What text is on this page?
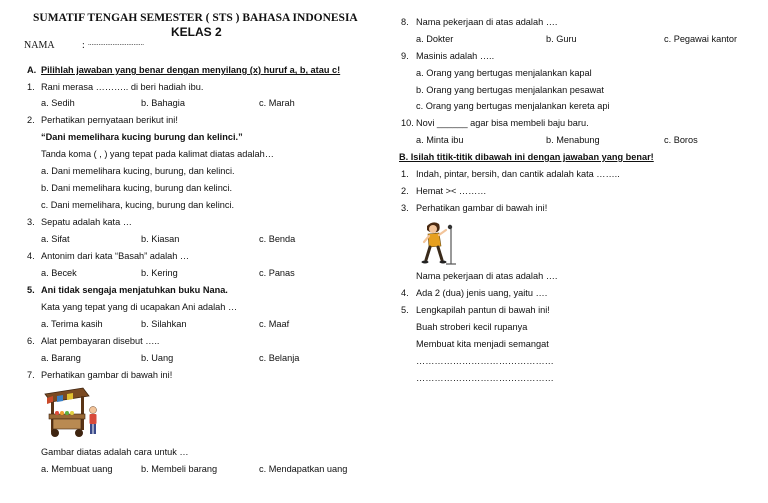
SUMATIF TENGAH SEMESTER ( STS ) BAHASA INDONESIA
KELAS 2
NAMA	: ................................
A. Pilihlah jawaban yang benar dengan menyilang (x) huruf a, b, atau c!
1. Rani merasa ……….. di beri hadiah ibu.
a. Sedih	b. Bahagia	c. Marah
2. Perhatikan pernyataan berikut ini!
“Dani memelihara kucing burung dan kelinci.”
Tanda koma ( , ) yang tepat pada kalimat diatas adalah…
a. Dani memelihara kucing, burung, dan kelinci.
b. Dani memelihara kucing, burung dan kelinci.
c. Dani memelihara, kucing, burung dan kelinci.
3. Sepatu adalah kata …
a. Sifat	b. Kiasan	c. Benda
4. Antonim dari kata “Basah” adalah …
a. Becek	b. Kering	c. Panas
5. Ani tidak sengaja menjatuhkan buku Nana.
Kata yang tepat yang di ucapakan Ani adalah …
a. Terima kasih	b. Silahkan	c. Maaf
6. Alat pembayaran disebut …..
a. Barang	b. Uang	c. Belanja
7. Perhatikan gambar di bawah ini!
Gambar diatas adalah cara untuk …
a. Membuat uang	b. Membeli barang	c. Mendapatkan uang
8. Nama pekerjaan di atas adalah ….
a. Dokter	b. Guru	c. Pegawai kantor
9. Masinis adalah …..
a. Orang yang bertugas menjalankan kapal
b. Orang yang bertugas menjalankan pesawat
c. Orang yang bertugas menjalankan kereta api
10. Novi ______ agar bisa membeli baju baru.
a. Minta ibu	b. Menabung	c. Boros
B. Isilah titik-titik dibawah ini dengan jawaban yang benar!
1. Indah, pintar, bersih, dan cantik adalah kata ……..
2. Hemat >< ………
3. Perhatikan gambar di bawah ini!
Nama pekerjaan di atas adalah ….
4. Ada 2 (dua) jenis uang, yaitu ….
5. Lengkapilah pantun di bawah ini!
Buah stroberi kecil rupanya
Membuat kita menjadi semangat
………………………………………
………………………………………
